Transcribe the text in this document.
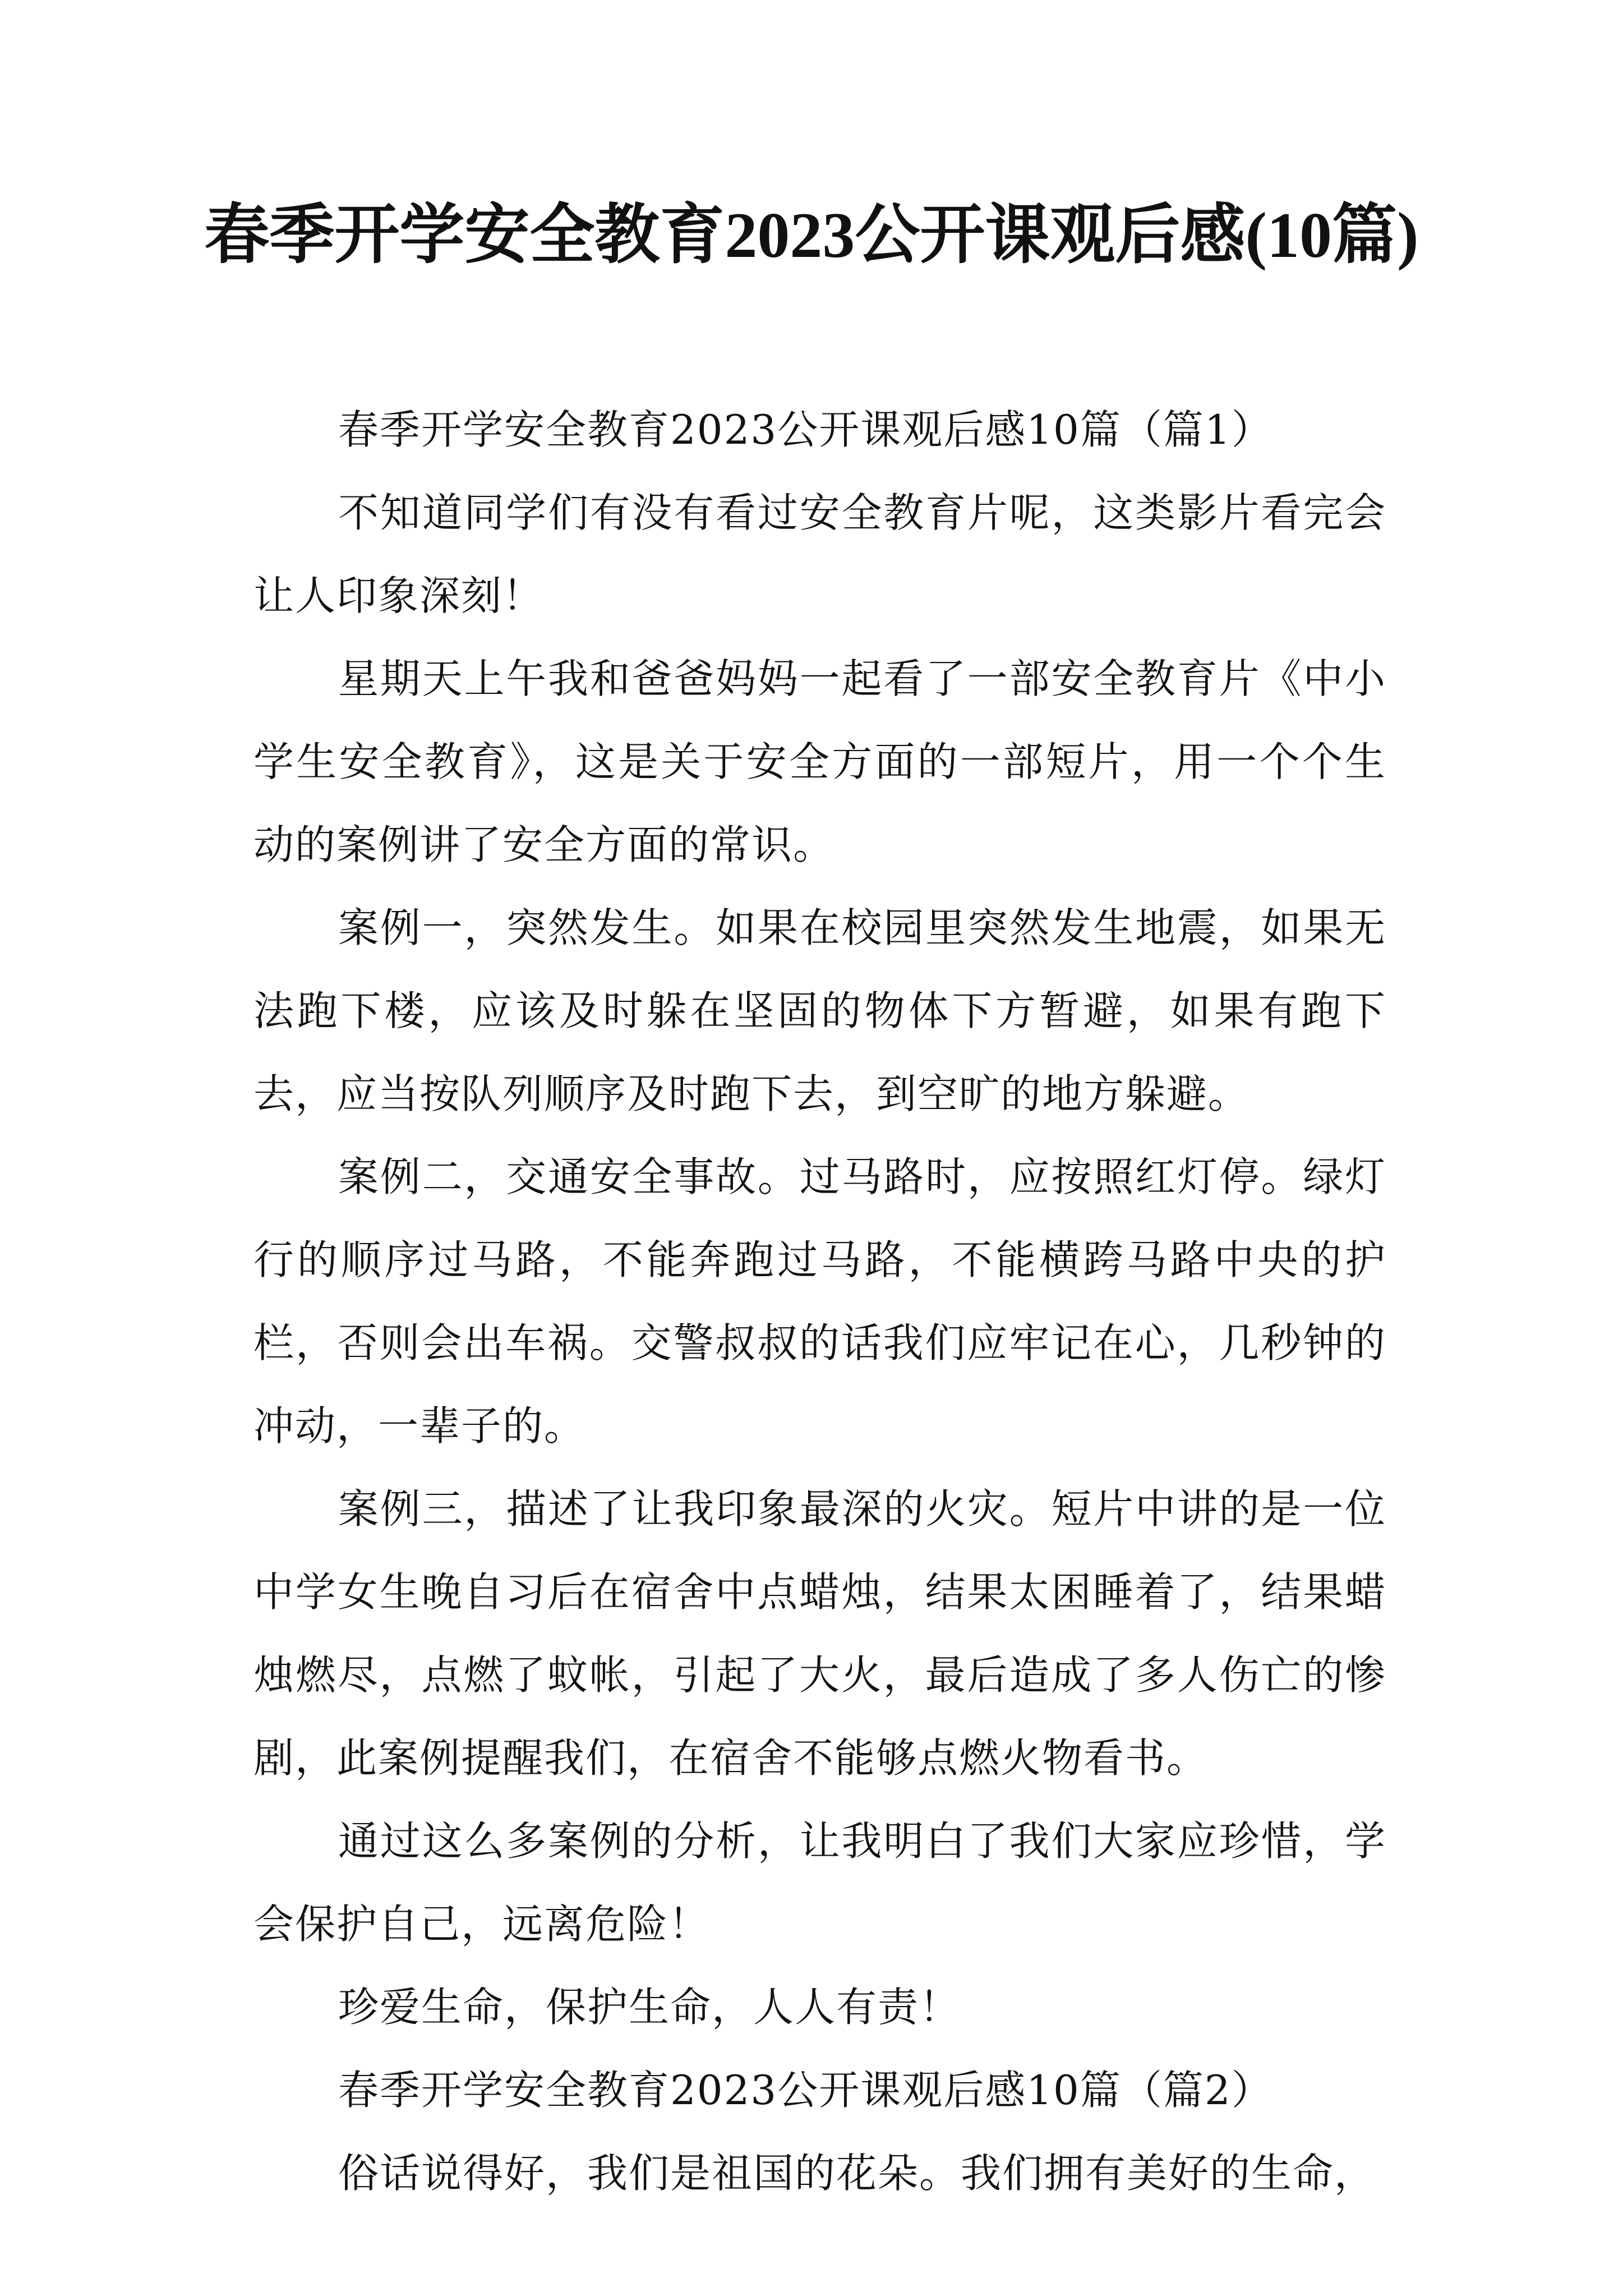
春季开学安全教育2023公开课观后感(10篇)

春季开学安全教育2023公开课观后感10篇（篇1）

不知道同学们有没有看过安全教育片呢，这类影片看完会让人印象深刻！

星期天上午我和爸爸妈妈一起看了一部安全教育片《中小学生安全教育》，这是关于安全方面的一部短片，用一个个生动的案例讲了安全方面的常识。

案例一，突然发生。如果在校园里突然发生地震，如果无法跑下楼，应该及时躲在坚固的物体下方暂避，如果有跑下去，应当按队列顺序及时跑下去，到空旷的地方躲避。

案例二，交通安全事故。过马路时，应按照红灯停。绿灯行的顺序过马路，不能奔跑过马路，不能横跨马路中央的护栏，否则会出车祸。交警叔叔的话我们应牢记在心，几秒钟的冲动，一辈子的。

案例三，描述了让我印象最深的火灾。短片中讲的是一位中学女生晚自习后在宿舍中点蜡烛，结果太困睡着了，结果蜡烛燃尽，点燃了蚊帐，引起了大火，最后造成了多人伤亡的惨剧，此案例提醒我们，在宿舍不能够点燃火物看书。

通过这么多案例的分析，让我明白了我们大家应珍惜，学会保护自己，远离危险！

珍爱生命，保护生命，人人有责！

春季开学安全教育2023公开课观后感10篇（篇2）

俗话说得好，我们是祖国的花朵。我们拥有美好的生命，
